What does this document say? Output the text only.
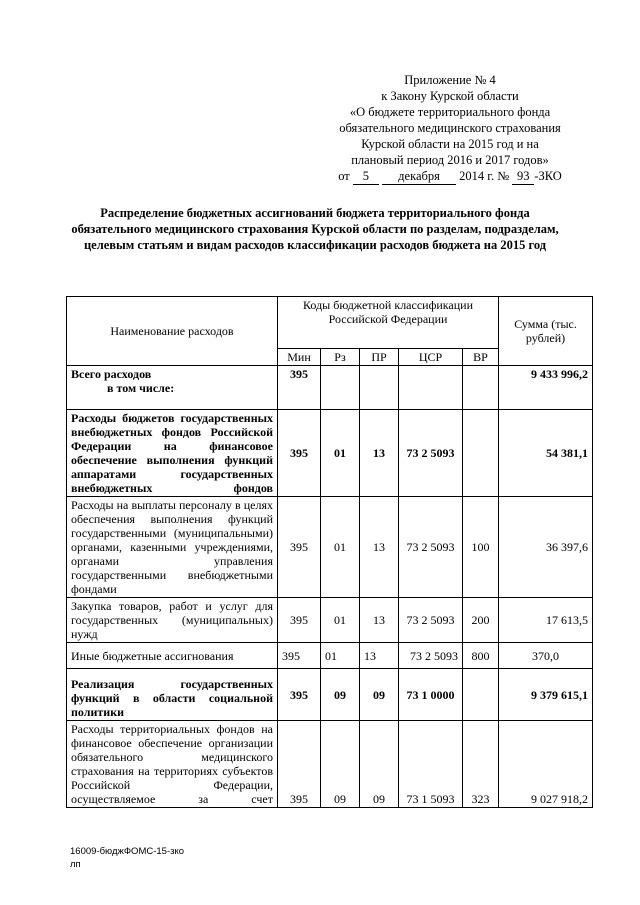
Приложение № 4
к Закону Курской области
«О бюджете территориального фонда
обязательного медицинского страхования
Курской области на 2015 год и на
плановый период 2016 и 2017 годов»
от 5 декабря 2014 г. № 93 -ЗКО
Распределение бюджетных ассигнований бюджета территориального фонда обязательного медицинского страхования Курской области по разделам, подразделам, целевым статьям и видам расходов классификации расходов бюджета на 2015 год
Наименование расходов	Коды бюджетной классификации Российской Федерации					Сумма (тыс. рублей)
	Мин	Рз	ПР	ЦСР	ВР	

Всего расходов
в том числе:	395					9 433 996,2
Расходы бюджетов государственных внебюджетных фондов Российской Федерации на финансовое обеспечение выполнения функций аппаратами государственных внебюджетных фондов	395	01	13	73 2 5093		54 381,1
Расходы на выплаты персоналу в целях обеспечения выполнения функций государственными (муниципальными) органами, казенными учреждениями, органами управления государственными внебюджетными фондами	395	01	13	73 2 5093	100	36 397,6
Закупка товаров, работ и услуг для государственных (муниципальных) нужд	395	01	13	73 2 5093	200	17 613,5
Иные бюджетные ассигнования	395	01	13	73 2 5093	800	370,0
Реализация государственных функций в области социальной политики	395	09	09	73 1 0000		9 379 615,1
Расходы территориальных фондов на финансовое обеспечение организации обязательного медицинского страхования на территориях субъектов Российской Федерации, осуществляемое за счет	395	09	09	73 1 5093	323	9 027 918,2
16009-бюджФОМС-15-зко
лп
